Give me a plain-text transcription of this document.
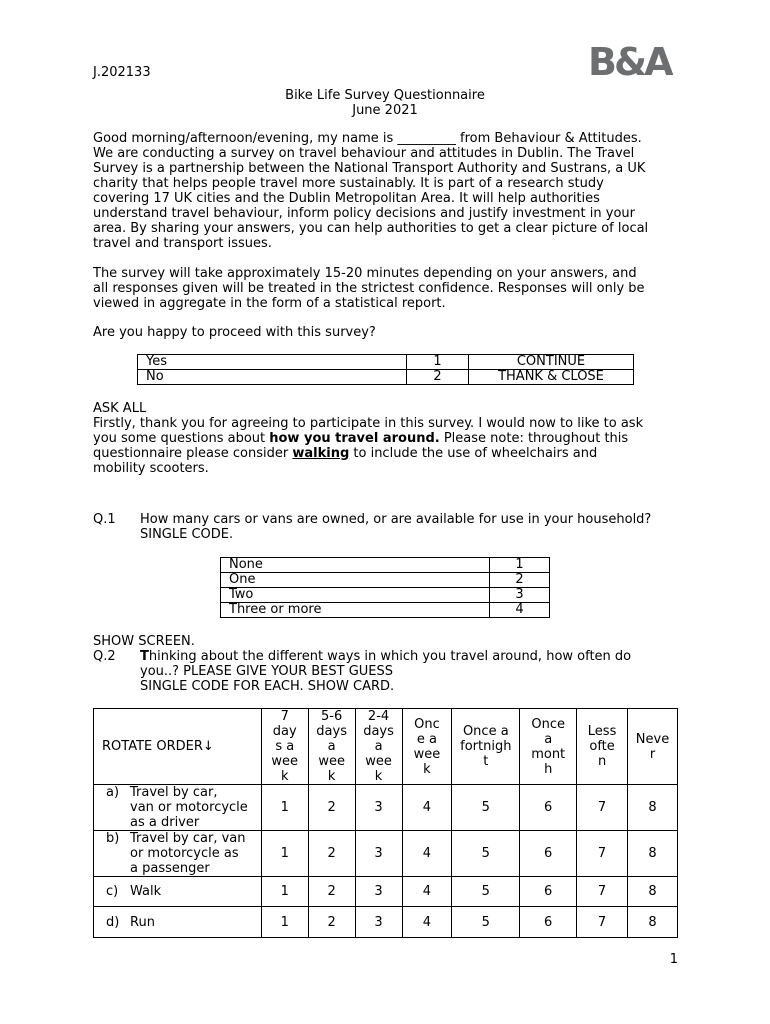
J.202133	B&A
Bike Life Survey Questionnaire
June 2021
Good morning/afternoon/evening, my name is _________ from Behaviour & Attitudes.
We are conducting a survey on travel behaviour and attitudes in Dublin. The Travel
Survey is a partnership between the National Transport Authority and Sustrans, a UK
charity that helps people travel more sustainably. It is part of a research study
covering 17 UK cities and the Dublin Metropolitan Area. It will help authorities
understand travel behaviour, inform policy decisions and justify investment in your
area. By sharing your answers, you can help authorities to get a clear picture of local
travel and transport issues.
The survey will take approximately 15-20 minutes depending on your answers, and
all responses given will be treated in the strictest confidence. Responses will only be
viewed in aggregate in the form of a statistical report.
Are you happy to proceed with this survey?
Yes	1	CONTINUE
No	2	THANK & CLOSE
ASK ALL
Firstly, thank you for agreeing to participate in this survey. I would now to like to ask
you some questions about how you travel around. Please note: throughout this
questionnaire please consider walking to include the use of wheelchairs and
mobility scooters.
Q.1 How many cars or vans are owned, or are available for use in your household?
SINGLE CODE.
None	1
One	2
Two	3
Three or more	4
SHOW SCREEN.
Q.2 Thinking about the different ways in which you travel around, how often do
you..? PLEASE GIVE YOUR BEST GUESS
SINGLE CODE FOR EACH. SHOW CARD.
ROTATE ORDER↓	7
day
s a
wee
k	5-6
days
a
wee
k	2-4
days
a
wee
k	Onc
e a
wee
k	Once a
fortnigh
t	Once
a
mont
h	Less
ofte
n	Neve
r
a) Travel by car,
van or motorcycle
as a driver	1	2	3	4	5	6	7	8
b) Travel by car, van
or motorcycle as
a passenger	1	2	3	4	5	6	7	8
c) Walk	1	2	3	4	5	6	7	8
d) Run	1	2	3	4	5	6	7	8
1
